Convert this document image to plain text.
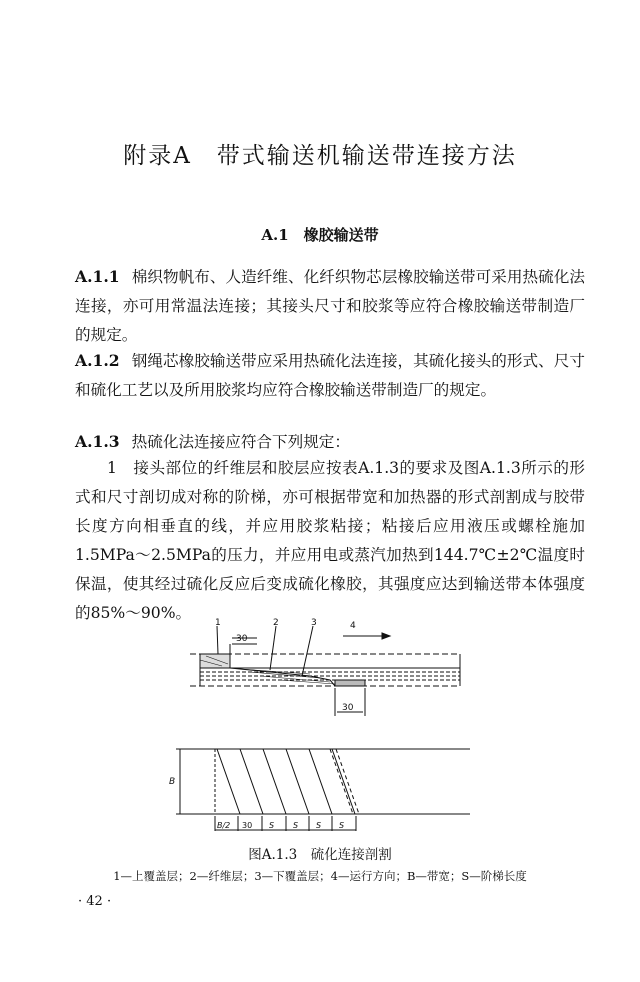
附录A　带式输送机输送带连接方法
A.1　橡胶输送带
A.1.1 棉织物帆布、人造纤维、化纤织物芯层橡胶输送带可采用热硫化法连接，亦可用常温法连接；其接头尺寸和胶浆等应符合橡胶输送带制造厂的规定。
A.1.2 钢绳芯橡胶输送带应采用热硫化法连接，其硫化接头的形式、尺寸和硫化工艺以及所用胶浆均应符合橡胶输送带制造厂的规定。
A.1.3 热硫化法连接应符合下列规定：
1　接头部位的纤维层和胶层应按表A.1.3的要求及图A.1.3所示的形式和尺寸剖切成对称的阶梯，亦可根据带宽和加热器的形式剖割成与胶带长度方向相垂直的线，并应用胶浆粘接；粘接后应用液压或螺栓施加1.5MPa～2.5MPa的压力，并应用电或蒸汽加热到144.7℃±2℃温度时保温，使其经过硫化反应后变成硫化橡胶，其强度应达到输送带本体强度的85%～90%。
1	2	3	4
30
30
B
B/2 30 S S S S
图A.1.3　硫化连接剖割
1—上覆盖层；2—纤维层；3—下覆盖层；4—运行方向；B—带宽；S—阶梯长度
· 42 ·
